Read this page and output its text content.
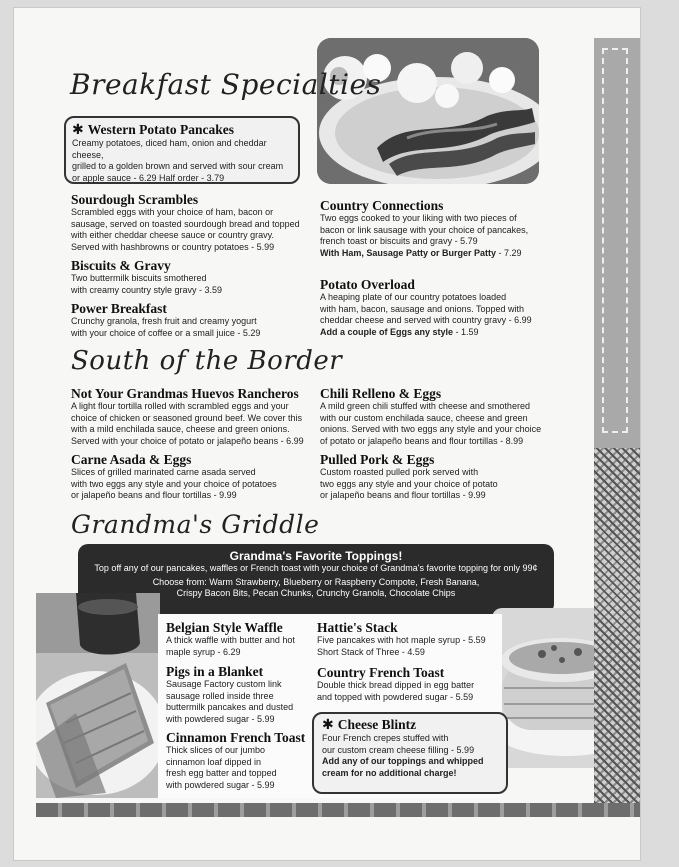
Breakfast Specialties
✱ Western Potato Pancakes
Creamy potatoes, diced ham, onion and cheddar cheese,
grilled to a golden brown and served with sour cream
or apple sauce - 6.29 Half order - 3.79
Sourdough Scrambles
Scrambled eggs with your choice of ham, bacon or
sausage, served on toasted sourdough bread and topped
with either cheddar cheese sauce or country gravy.
Served with hashbrowns or country potatoes - 5.99
Biscuits & Gravy
Two buttermilk biscuits smothered
with creamy country style gravy - 3.59
Power Breakfast
Crunchy granola, fresh fruit and creamy yogurt
with your choice of coffee or a small juice - 5.29
Country Connections
Two eggs cooked to your liking with two pieces of
bacon or link sausage with your choice of pancakes,
french toast or biscuits and gravy - 5.79
With Ham, Sausage Patty or Burger Patty - 7.29
Potato Overload
A heaping plate of our country potatoes loaded
with ham, bacon, sausage and onions. Topped with
cheddar cheese and served with country gravy - 6.99
Add a couple of Eggs any style - 1.59
South of the Border
Not Your Grandmas Huevos Rancheros
A light flour tortilla rolled with scrambled eggs and your
choice of chicken or seasoned ground beef. We cover this
with a mild enchilada sauce, cheese and green onions.
Served with your choice of potato or jalapeño beans - 6.99
Carne Asada & Eggs
Slices of grilled marinated carne asada served
with two eggs any style and your choice of potatoes
or jalapeño beans and flour tortillas - 9.99
Chili Relleno & Eggs
A mild green chili stuffed with cheese and smothered
with our custom enchilada sauce, cheese and green
onions. Served with two eggs any style and your choice
of potato or jalapeño beans and flour tortillas - 8.99
Pulled Pork & Eggs
Custom roasted pulled pork served with
two eggs any style and your choice of potato
or jalapeño beans and flour tortillas - 9.99
Grandma's Griddle
Grandma's Favorite Toppings!
Top off any of our pancakes, waffles or French toast with your choice of Grandma's favorite topping for only 99¢
Choose from: Warm Strawberry, Blueberry or Raspberry Compote, Fresh Banana,
Crispy Bacon Bits, Pecan Chunks, Crunchy Granola, Chocolate Chips
Belgian Style Waffle
A thick waffle with butter and hot
maple syrup - 6.29
Pigs in a Blanket
Sausage Factory custom link
sausage rolled inside three
buttermilk pancakes and dusted
with powdered sugar - 5.99
Cinnamon French Toast
Thick slices of our jumbo
cinnamon loaf dipped in
fresh egg batter and topped
with powdered sugar - 5.99
Hattie's Stack
Five pancakes with hot maple syrup - 5.59
Short Stack of Three - 4.59
Country French Toast
Double thick bread dipped in egg batter
and topped with powdered sugar - 5.59
✱ Cheese Blintz
Four French crepes stuffed with
our custom cream cheese filling - 5.99
Add any of our toppings and whipped
cream for no additional charge!
